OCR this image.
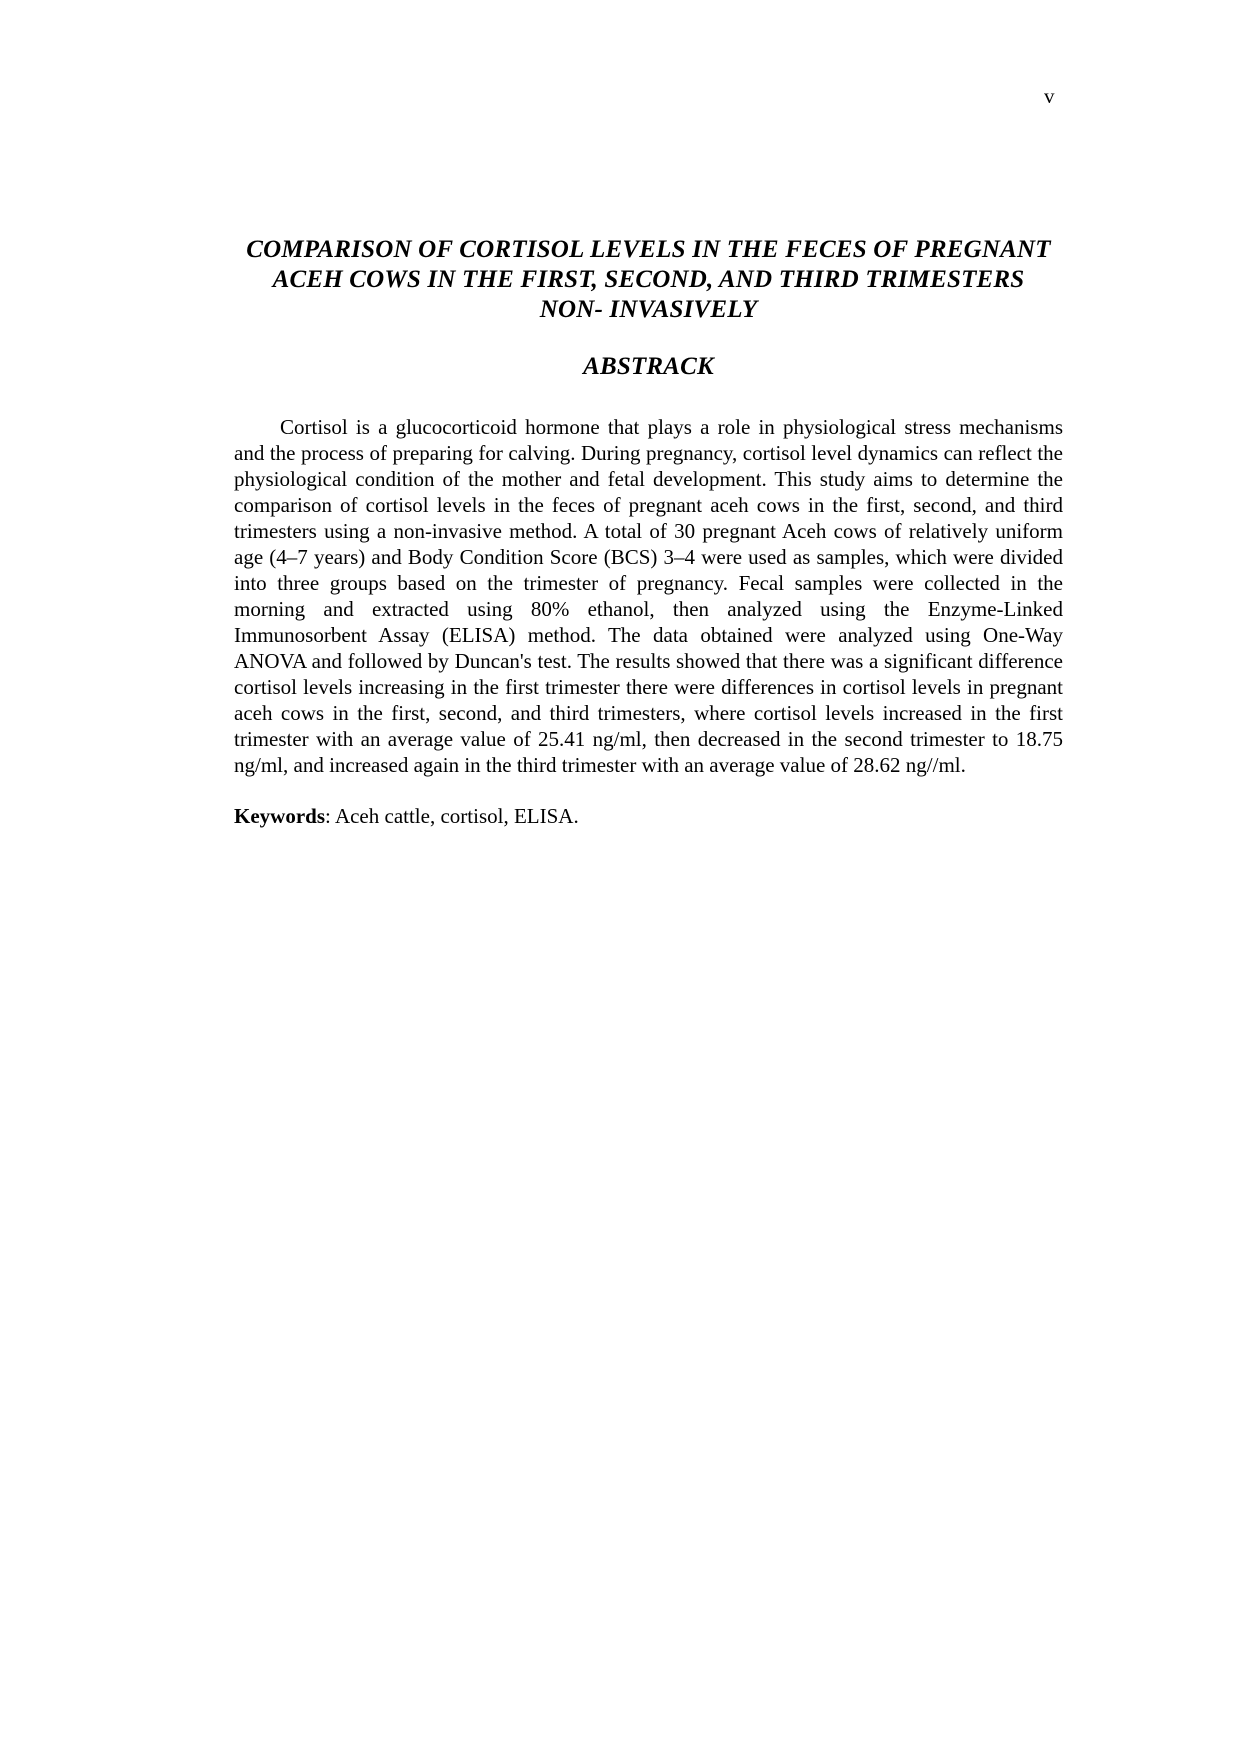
v
COMPARISON OF CORTISOL LEVELS IN THE FECES OF PREGNANT
ACEH COWS IN THE FIRST, SECOND, AND THIRD TRIMESTERS
NON- INVASIVELY
ABSTRACK

Cortisol is a glucocorticoid hormone that plays a role in physiological stress mechanisms and the process of preparing for calving. During pregnancy, cortisol level dynamics can reflect the physiological condition of the mother and fetal development. This study aims to determine the comparison of cortisol levels in the feces of pregnant aceh cows in the first, second, and third trimesters using a non-invasive method. A total of 30 pregnant Aceh cows of relatively uniform age (4–7 years) and Body Condition Score (BCS) 3–4 were used as samples, which were divided into three groups based on the trimester of pregnancy. Fecal samples were collected in the morning and extracted using 80% ethanol, then analyzed using the Enzyme-Linked Immunosorbent Assay (ELISA) method. The data obtained were analyzed using One-Way ANOVA and followed by Duncan's test. The results showed that there was a significant difference cortisol levels increasing in the first trimester there were differences in cortisol levels in pregnant aceh cows in the first, second, and third trimesters, where cortisol levels increased in the first trimester with an average value of 25.41 ng/ml, then decreased in the second trimester to 18.75 ng/ml, and increased again in the third trimester with an average value of 28.62 ng//ml.

Keywords: Aceh cattle, cortisol, ELISA.
